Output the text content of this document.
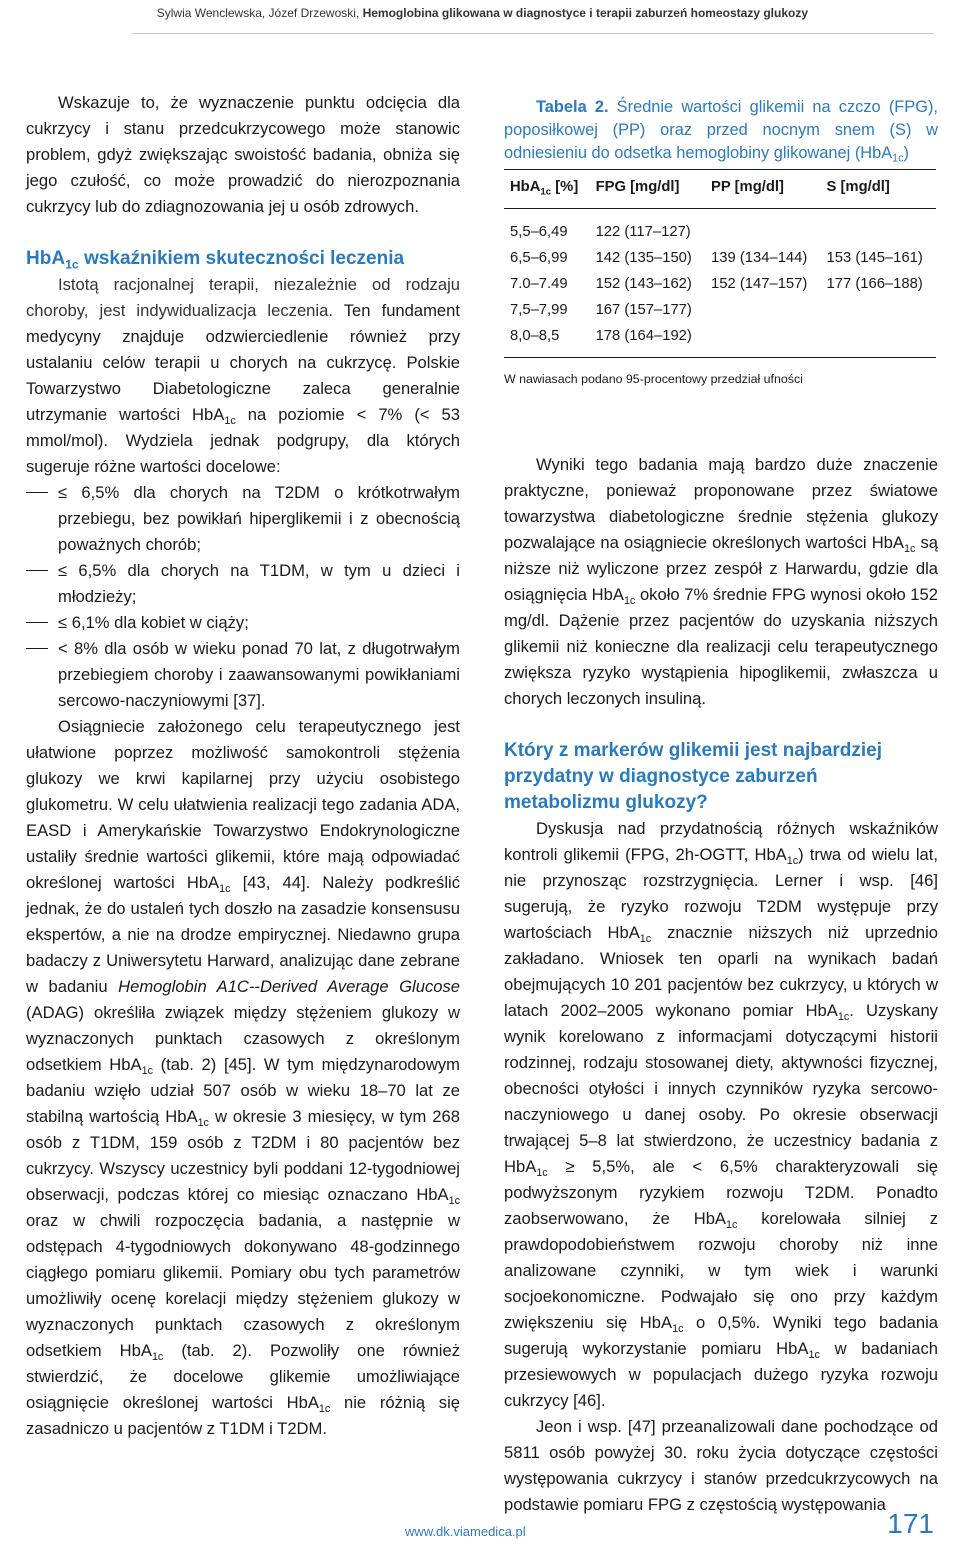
Sylwia Wenclewska, Józef Drzewoski, Hemoglobina glikowana w diagnostyce i terapii zaburzeń homeostazy glukozy

Wskazuje to, że wyznaczenie punktu odcięcia dla cukrzycy i stanu przedcukrzycowego może stanowic problem, gdyż zwiększając swoistość badania, obniża się jego czułość, co może prowadzić do nierozpoznania cukrzycy lub do zdiagnozowania jej u osób zdrowych.

HbA$_{1c}$ wskaźnikiem skuteczności leczenia

Istotą racjonalnej terapii, niezależnie od rodzaju choroby, jest indywidualizacja leczenia. Ten fundament medycyny znajduje odzwierciedlenie również przy ustalaniu celów terapii u chorych na cukrzycę. Polskie Towarzystwo Diabetologiczne zaleca generalnie utrzymanie wartości HbA$_{1c}$ na poziomie < 7% (< 53 mmol/mol). Wydziela jednak podgrupy, dla których sugeruje różne wartości docelowe:

≤ 6,5% dla chorych na T2DM o krótkotrwałym przebiegu, bez powikłań hiperglikemii i z obecnością poważnych chorób;
≤ 6,5% dla chorych na T1DM, w tym u dzieci i młodzieży;
≤ 6,1% dla kobiet w ciąży;
< 8% dla osób w wieku ponad 70 lat, z długotrwałym przebiegiem choroby i zaawansowanymi powikłaniami sercowo-naczyniowymi [37].

Osiągniecie założonego celu terapeutycznego jest ułatwione poprzez możliwość samokontroli stężenia glukozy we krwi kapilarnej przy użyciu osobistego glukometru. W celu ułatwienia realizacji tego zadania ADA, EASD i Amerykańskie Towarzystwo Endokrynologiczne ustaliły średnie wartości glikemii, które mają odpowiadać określonej wartości HbA$_{1c}$ [43, 44]. Należy podkreślić jednak, że do ustaleń tych doszło na zasadzie konsensusu ekspertów, a nie na drodze empirycznej. Niedawno grupa badaczy z Uniwersytetu Harward, analizując dane zebrane w badaniu Hemoglobin A1C--Derived Average Glucose (ADAG) określiła związek między stężeniem glukozy w wyznaczonych punktach czasowych z określonym odsetkiem HbA$_{1c}$ (tab. 2) [45]. W tym międzynarodowym badaniu wzięło udział 507 osób w wieku 18–70 lat ze stabilną wartością HbA$_{1c}$ w okresie 3 miesięcy, w tym 268 osób z T1DM, 159 osób z T2DM i 80 pacjentów bez cukrzycy. Wszyscy uczestnicy byli poddani 12-tygodniowej obserwacji, podczas której co miesiąc oznaczano HbA$_{1c}$ oraz w chwili rozpoczęcia badania, a następnie w odstępach 4-tygodniowych dokonywano 48-godzinnego ciągłego pomiaru glikemii. Pomiary obu tych parametrów umożliwiły ocenę korelacji między stężeniem glukozy w wyznaczonych punktach czasowych z określonym odsetkiem HbA$_{1c}$ (tab. 2). Pozwoliły one również stwierdzić, że docelowe glikemie umożliwiające osiągnięcie określonej wartości HbA$_{1c}$ nie różnią się zasadniczo u pacjentów z T1DM i T2DM.

Tabela 2. Średnie wartości glikemii na czczo (FPG), poposiłkowej (PP) oraz przed nocnym snem (S) w odniesieniu do odsetka hemoglobiny glikowanej (HbA$_{1c}$)

HbA$_{1c}$ [%]	FPG [mg/dl]	PP [mg/dl]	S [mg/dl]
5,5–6,49	122 (117–127)		
6,5–6,99	142 (135–150)	139 (134–144)	153 (145–161)
7.0–7.49	152 (143–162)	152 (147–157)	177 (166–188)
7,5–7,99	167 (157–177)		
8,0–8,5	178 (164–192)		
W nawiasach podano 95-procentowy przedział ufności

Wyniki tego badania mają bardzo duże znaczenie praktyczne, ponieważ proponowane przez światowe towarzystwa diabetologiczne średnie stężenia glukozy pozwalające na osiągniecie określonych wartości HbA$_{1c}$ są niższe niż wyliczone przez zespół z Harwardu, gdzie dla osiągnięcia HbA$_{1c}$ około 7% średnie FPG wynosi około 152 mg/dl. Dążenie przez pacjentów do uzyskania niższych glikemii niż konieczne dla realizacji celu terapeutycznego zwiększa ryzyko wystąpienia hipoglikemii, zwłaszcza u chorych leczonych insuliną.

Który z markerów glikemii jest najbardziej przydatny w diagnostyce zaburzeń metabolizmu glukozy?

Dyskusja nad przydatnością różnych wskaźników kontroli glikemii (FPG, 2h-OGTT, HbA$_{1c}$) trwa od wielu lat, nie przynosząc rozstrzygnięcia. Lerner i wsp. [46] sugerują, że ryzyko rozwoju T2DM występuje przy wartościach HbA$_{1c}$ znacznie niższych niż uprzednio zakładano. Wniosek ten oparli na wynikach badań obejmujących 10 201 pacjentów bez cukrzycy, u których w latach 2002–2005 wykonano pomiar HbA$_{1c}$. Uzyskany wynik korelowano z informacjami dotyczącymi historii rodzinnej, rodzaju stosowanej diety, aktywności fizycznej, obecności otyłości i innych czynników ryzyka sercowo-naczyniowego u danej osoby. Po okresie obserwacji trwającej 5–8 lat stwierdzono, że uczestnicy badania z HbA$_{1c}$ ≥ 5,5%, ale < 6,5% charakteryzowali się podwyższonym ryzykiem rozwoju T2DM. Ponadto zaobserwowano, że HbA$_{1c}$ korelowała silniej z prawdopodobieństwem rozwoju choroby niż inne analizowane czynniki, w tym wiek i warunki socjoekonomiczne. Podwajało się ono przy każdym zwiększeniu się HbA$_{1c}$ o 0,5%. Wyniki tego badania sugerują wykorzystanie pomiaru HbA$_{1c}$ w badaniach przesiewowych w populacjach dużego ryzyka rozwoju cukrzycy [46].

Jeon i wsp. [47] przeanalizowali dane pochodzące od 5811 osób powyżej 30. roku życia dotyczące częstości występowania cukrzycy i stanów przedcukrzycowych na podstawie pomiaru FPG z częstością występowania

www.dk.viamedica.pl	171
